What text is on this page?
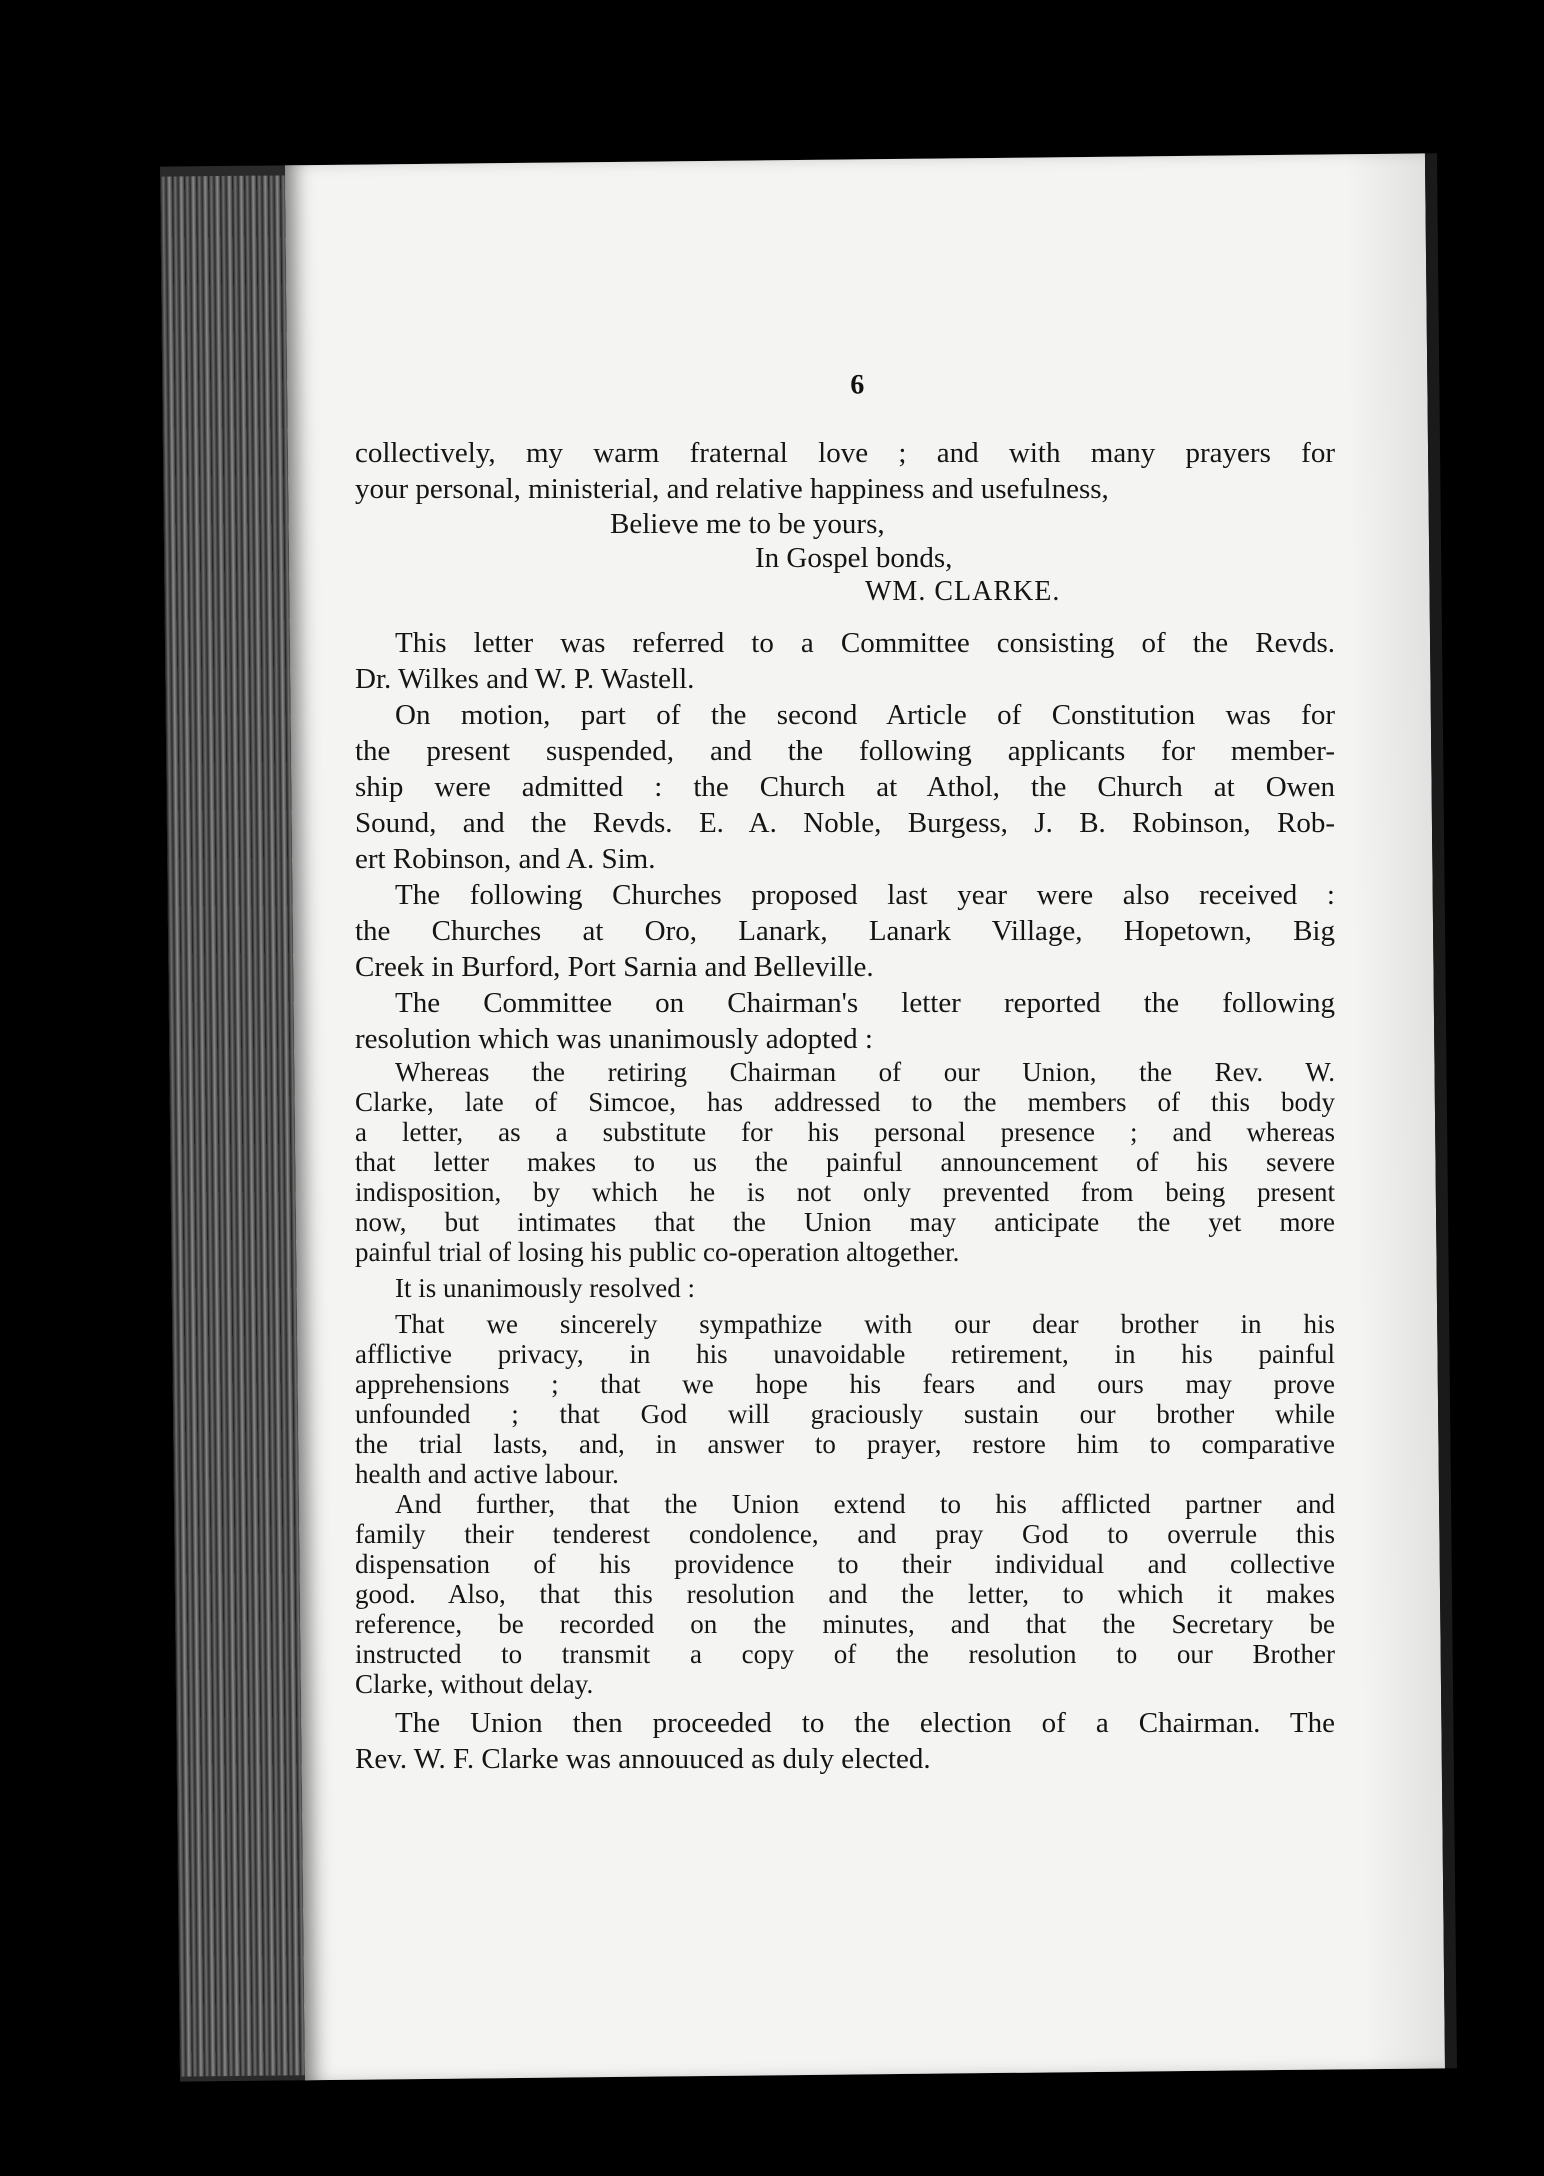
6

collectively, my warm fraternal love ; and with many prayers for
your personal, ministerial, and relative happiness and usefulness,

Believe me to be yours,
In Gospel bonds,
WM. CLARKE.

This letter was referred to a Committee consisting of the Revds.
Dr. Wilkes and W. P. Wastell.

On motion, part of the second Article of Constitution was for
the present suspended, and the following applicants for member-
ship were admitted : the Church at Athol, the Church at Owen
Sound, and the Revds. E. A. Noble, Burgess, J. B. Robinson, Rob-
ert Robinson, and A. Sim.

The following Churches proposed last year were also received :
the Churches at Oro, Lanark, Lanark Village, Hopetown, Big
Creek in Burford, Port Sarnia and Belleville.

The Committee on Chairman's letter reported the following
resolution which was unanimously adopted :

Whereas the retiring Chairman of our Union, the Rev. W.
Clarke, late of Simcoe, has addressed to the members of this body
a letter, as a substitute for his personal presence ; and whereas
that letter makes to us the painful announcement of his severe
indisposition, by which he is not only prevented from being present
now, but intimates that the Union may anticipate the yet more
painful trial of losing his public co-operation altogether.

It is unanimously resolved :

That we sincerely sympathize with our dear brother in his
afflictive privacy, in his unavoidable retirement, in his painful
apprehensions ; that we hope his fears and ours may prove
unfounded ; that God will graciously sustain our brother while
the trial lasts, and, in answer to prayer, restore him to comparative
health and active labour.

And further, that the Union extend to his afflicted partner and
family their tenderest condolence, and pray God to overrule this
dispensation of his providence to their individual and collective
good. Also, that this resolution and the letter, to which it makes
reference, be recorded on the minutes, and that the Secretary be
instructed to transmit a copy of the resolution to our Brother
Clarke, without delay.

The Union then proceeded to the election of a Chairman. The
Rev. W. F. Clarke was annouuced as duly elected.
